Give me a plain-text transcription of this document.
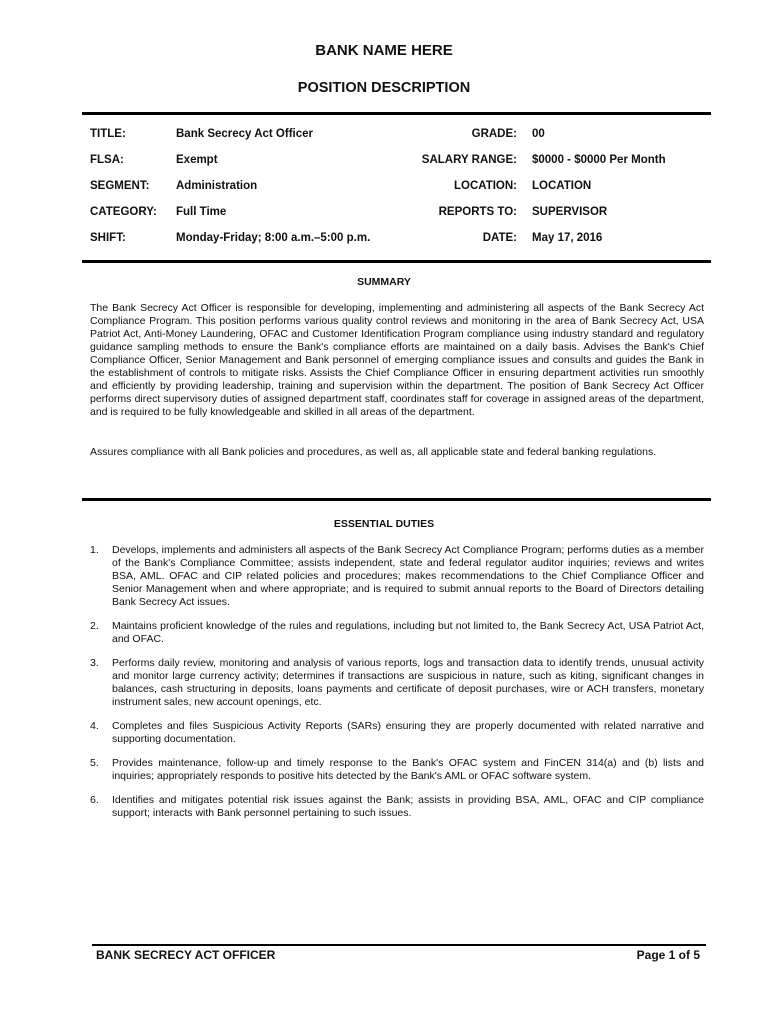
BANK NAME HERE
POSITION DESCRIPTION
TITLE:	Bank Secrecy Act Officer	GRADE: 00
FLSA:	Exempt	SALARY RANGE: $0000 - $0000 Per Month
SEGMENT: Administration	LOCATION: LOCATION
CATEGORY: Full Time	REPORTS TO: SUPERVISOR
SHIFT:	Monday-Friday; 8:00 a.m.–5:00 p.m.	DATE: May 17, 2016
SUMMARY

The Bank Secrecy Act Officer is responsible for developing, implementing and administering all aspects of the Bank Secrecy Act Compliance Program. This position performs various quality control reviews and monitoring in the area of Bank Secrecy Act, USA Patriot Act, Anti-Money Laundering, OFAC and Customer Identification Program compliance using industry standard and regulatory guidance sampling methods to ensure the Bank's compliance efforts are maintained on a daily basis. Advises the Bank's Chief Compliance Officer, Senior Management and Bank personnel of emerging compliance issues and consults and guides the Bank in the establishment of controls to mitigate risks. Assists the Chief Compliance Officer in ensuring department activities run smoothly and efficiently by providing leadership, training and supervision within the department. The position of Bank Secrecy Act Officer performs direct supervisory duties of assigned department staff, coordinates staff for coverage in assigned areas of the department, and is required to be fully knowledgeable and skilled in all areas of the department.

Assures compliance with all Bank policies and procedures, as well as, all applicable state and federal banking regulations.

ESSENTIAL DUTIES
1. Develops, implements and administers all aspects of the Bank Secrecy Act Compliance Program; performs duties as a member of the Bank's Compliance Committee; assists independent, state and federal regulator auditor inquiries; reviews and writes BSA, AML. OFAC and CIP related policies and procedures; makes recommendations to the Chief Compliance Officer and Senior Management when and where appropriate; and is required to submit annual reports to the Board of Directors detailing Bank Secrecy Act issues.
2. Maintains proficient knowledge of the rules and regulations, including but not limited to, the Bank Secrecy Act, USA Patriot Act, and OFAC.
3. Performs daily review, monitoring and analysis of various reports, logs and transaction data to identify trends, unusual activity and monitor large currency activity; determines if transactions are suspicious in nature, such as kiting, significant changes in balances, cash structuring in deposits, loans payments and certificate of deposit purchases, wire or ACH transfers, monetary instrument sales, new account openings, etc.
4. Completes and files Suspicious Activity Reports (SARs) ensuring they are properly documented with related narrative and supporting documentation.
5. Provides maintenance, follow-up and timely response to the Bank's OFAC system and FinCEN 314(a) and (b) lists and inquiries; appropriately responds to positive hits detected by the Bank's AML or OFAC software system.
6. Identifies and mitigates potential risk issues against the Bank; assists in providing BSA, AML, OFAC and CIP compliance support; interacts with Bank personnel pertaining to such issues.
BANK SECRECY ACT OFFICER	Page 1 of 5
